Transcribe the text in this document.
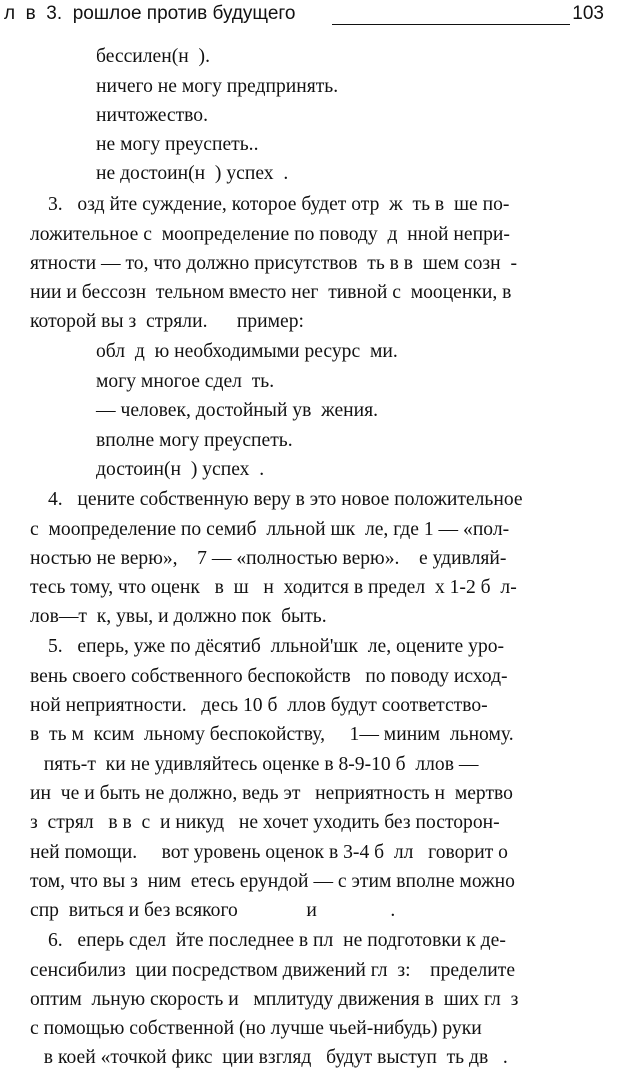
л  в  3.  рошлое против будущего	103
бессилен(н  ).
ничего не могу предпринять.
ничтожество.
не могу преуспеть..
не достоин(н  ) успех  .
3.   озд йте суждение, которое будет отр  ж  ть в  ше по-
ложительное с  моопределение по поводу  д  нной непри-
ятности — то, что должно присутствов  ть в в  шем созн  -
нии и бессозн  тельном вместо нег  тивной с  мооценки, в
которой вы з  стряли.      пример:
обл  д  ю необходимыми ресурс  ми.
могу многое сдел  ть.
— человек, достойный ув  жения.
вполне могу преуспеть.
достоин(н  ) успех  .
4.   цените собственную веру в это новое положительное
с  моопределение по семиб  лльной шк  ле, где 1 — «пол-
ностью не верю»,    7 — «полностью верю».    е удивляй-
тесь тому, что оценк   в  ш   н  ходится в предел  х 1-2 б  л-
лов—т  к, увы, и должно пок  быть.
5.   еперь, уже по дёсятиб  лльной'шк  ле, оцените уро-
вень своего собственного беспокойств   по поводу исход-
ной неприятности.   десь 10 б  ллов будут соответство-
в  ть м  ксим  льному беспокойству,     1— миним  льному.
пять-т  ки не удивляйтесь оценке в 8-9-10 б  ллов —
ин  че и быть не должно, ведь эт   неприятность н  мертво
з  стрял   в в  с  и никуд   не хочет уходить без посторон-
ней помощи.     вот уровень оценок в 3-4 б  лл   говорит о
том, что вы з  ним  етесь ерундой — с этим вполне можно
спр  виться и без всякого              и               .
6.   еперь сдел  йте последнее в пл  не подготовки к де-
сенсибилиз  ции посредством движений гл  з:    пределите
оптим  льную скорость и   мплитуду движения в  ших гл  з
с помощью собственной (но лучше чьей-нибудь) руки
в коей «точкой фикс  ции взгляд   будут выступ  ть дв   .
